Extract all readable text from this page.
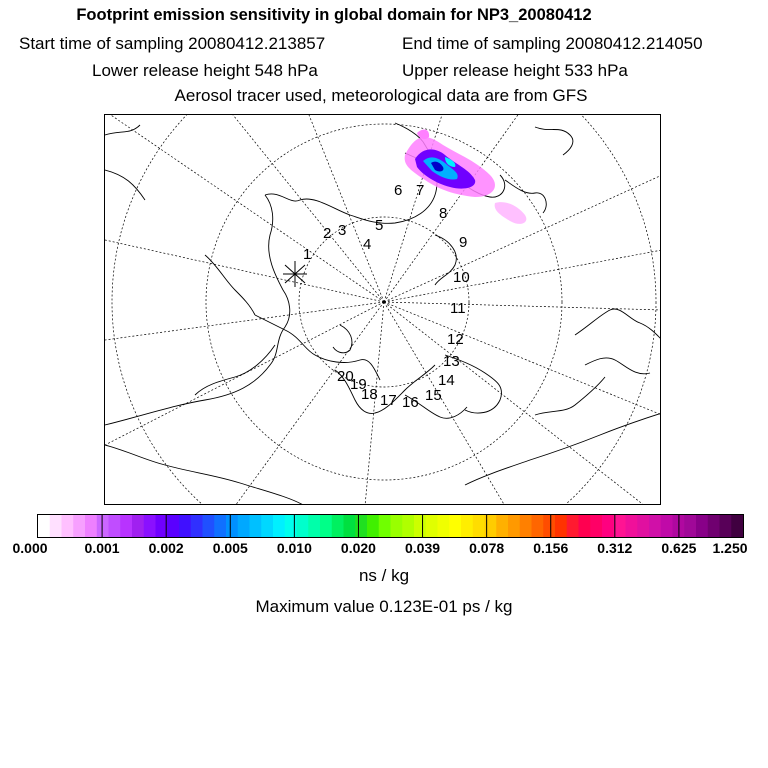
Footprint emission sensitivity in global domain for NP3_20080412
Start time of sampling 20080412.213857	End time of sampling 20080412.214050
Lower release height 548 hPa	Upper release height 533 hPa
Aerosol tracer used, meteorological data are from GFS
1
2 3
4
5
6 7
8
9
10
11
12
13
14
15
16
17
18
19
20
0.000	0.001 0.002 0.005 0.010 0.020 0.039 0.078 0.156 0.312 0.625 1.250
ns / kg
Maximum value 0.123E-01 ps / kg
